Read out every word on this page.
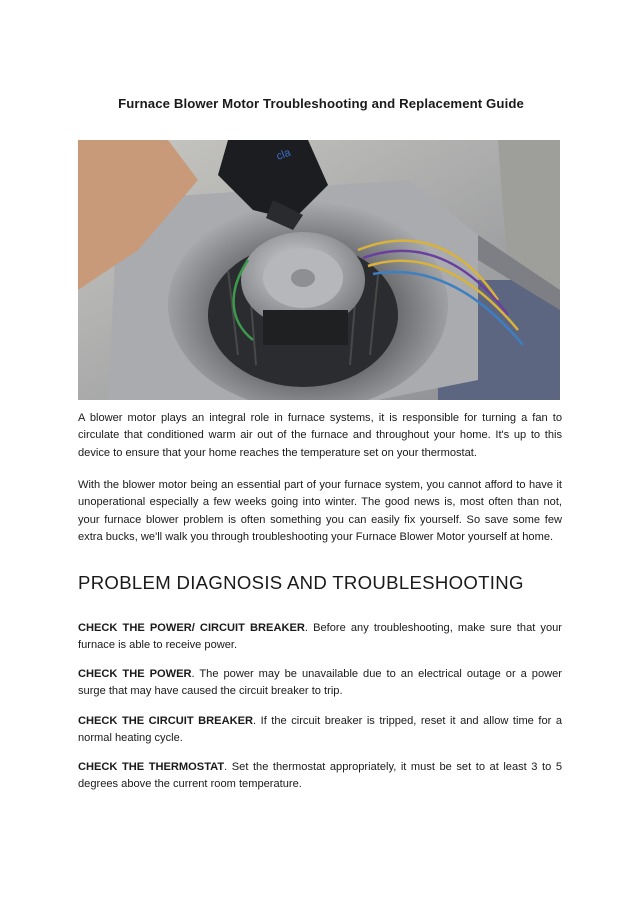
Furnace Blower Motor Troubleshooting and Replacement Guide
cla

A blower motor plays an integral role in furnace systems, it is responsible for turning a fan to circulate that conditioned warm air out of the furnace and throughout your home. It's up to this device to ensure that your home reaches the temperature set on your thermostat.

With the blower motor being an essential part of your furnace system, you cannot afford to have it unoperational especially a few weeks going into winter. The good news is, most often than not, your furnace blower problem is often something you can easily fix yourself. So save some few extra bucks, we'll walk you through troubleshooting your Furnace Blower Motor yourself at home.

PROBLEM DIAGNOSIS AND TROUBLESHOOTING

CHECK THE POWER/ CIRCUIT BREAKER. Before any troubleshooting, make sure that your furnace is able to receive power.

CHECK THE POWER. The power may be unavailable due to an electrical outage or a power surge that may have caused the circuit breaker to trip.

CHECK THE CIRCUIT BREAKER. If the circuit breaker is tripped, reset it and allow time for a normal heating cycle.

CHECK THE THERMOSTAT. Set the thermostat appropriately, it must be set to at least 3 to 5 degrees above the current room temperature.
